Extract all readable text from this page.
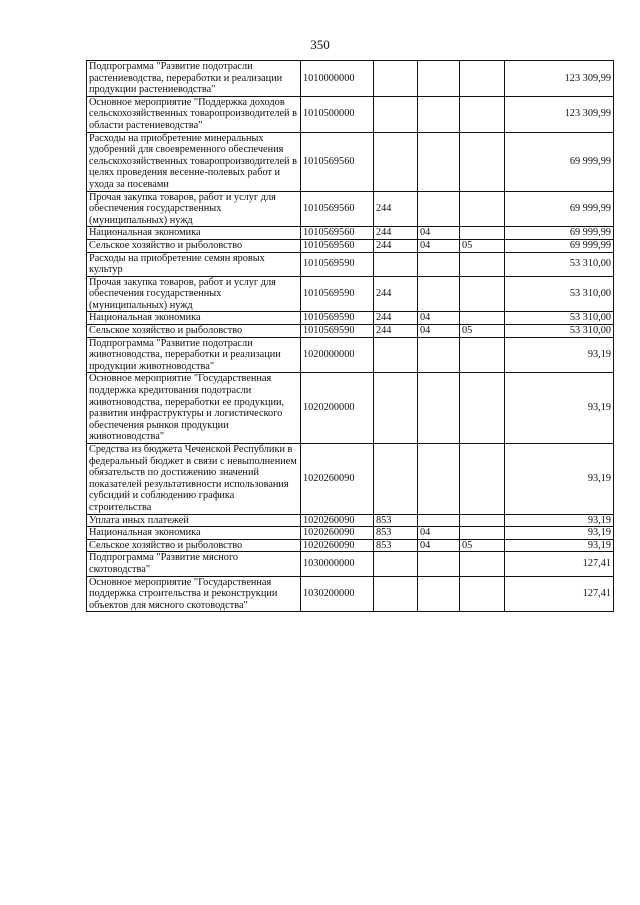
350
Подпрограмма "Развитие подотрасли растениеводства, переработки и реализации продукции растениеводства"	1010000000				123 309,99
Основное мероприятие "Поддержка доходов сельскохозяйственных товаропроизводителей в области растениеводства"	1010500000				123 309,99
Расходы на приобретение минеральных удобрений для своевременного обеспечения сельскохозяйственных товаропроизводителей в целях проведения весенне-полевых работ и ухода за посевами	1010569560				69 999,99
Прочая закупка товаров, работ и услуг для обеспечения государственных (муниципальных) нужд	1010569560	244			69 999,99
Национальная экономика	1010569560	244	04		69 999,99
Сельское хозяйство и рыболовство	1010569560	244	04	05	69 999,99
Расходы на приобретение семян яровых культур	1010569590				53 310,00
Прочая закупка товаров, работ и услуг для обеспечения государственных (муниципальных) нужд	1010569590	244			53 310,00
Национальная экономика	1010569590	244	04		53 310,00
Сельское хозяйство и рыболовство	1010569590	244	04	05	53 310,00
Подпрограмма "Развитие подотрасли животноводства, переработки и реализации продукции животноводства"	1020000000				93,19
Основное мероприятие "Государственная поддержка кредитования подотрасли животноводства, переработки ее продукции, развития инфраструктуры и логистического обеспечения рынков продукции животноводства"	1020200000				93,19
Средства из бюджета Чеченской Республики в федеральный бюджет в связи с невыполнением обязательств по достижению значений показателей результативности использования субсидий и соблюдению графика строительства	1020260090				93,19
Уплата иных платежей	1020260090	853			93,19
Национальная экономика	1020260090	853	04		93,19
Сельское хозяйство и рыболовство	1020260090	853	04	05	93,19
Подпрограмма "Развитие мясного скотоводства"	1030000000				127,41
Основное мероприятие "Государственная поддержка строительства и реконструкции объектов для мясного скотоводства"	1030200000				127,41
